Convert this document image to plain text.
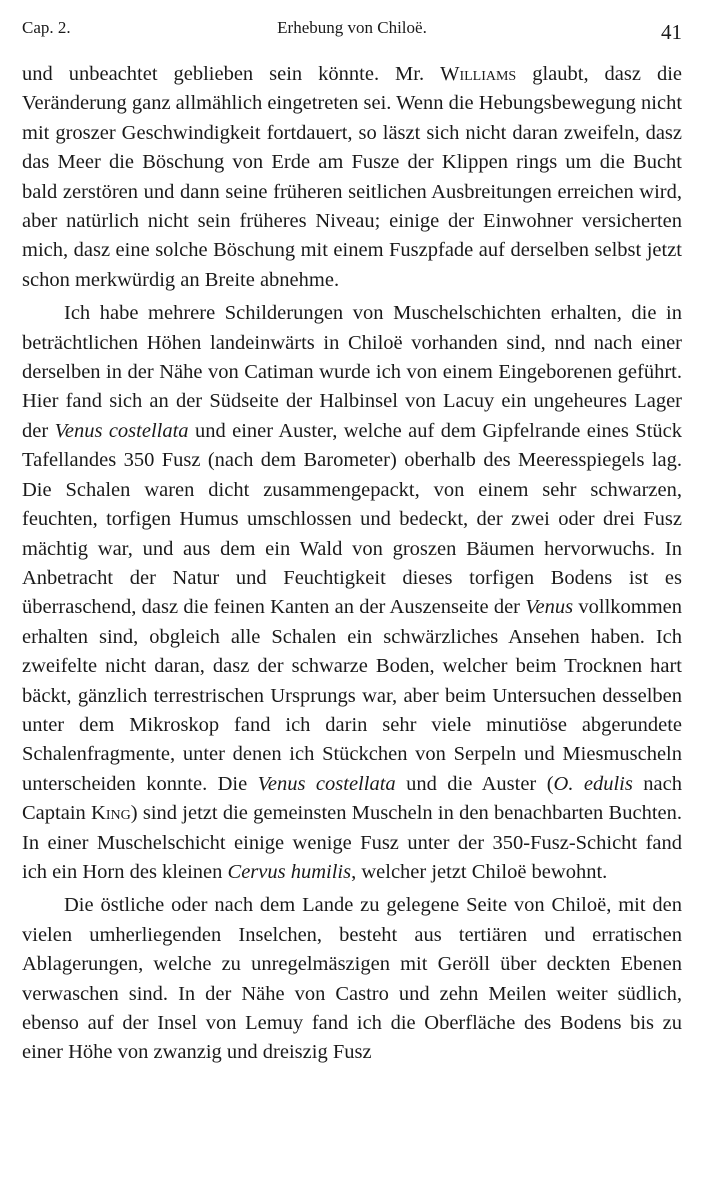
Cap. 2.	Erhebung von Chiloë.	41

und unbeachtet geblieben sein könnte. Mr. Williams glaubt, dasz die Veränderung ganz allmählich eingetreten sei. Wenn die Hebungsbewegung nicht mit groszer Geschwindigkeit fortdauert, so läszt sich nicht daran zweifeln, dasz das Meer die Böschung von Erde am Fusze der Klippen rings um die Bucht bald zerstören und dann seine früheren seitlichen Ausbreitungen erreichen wird, aber natürlich nicht sein früheres Niveau; einige der Einwohner versicherten mich, dasz eine solche Böschung mit einem Fuszpfade auf derselben selbst jetzt schon merkwürdig an Breite abnehme.

Ich habe mehrere Schilderungen von Muschelschichten erhalten, die in beträchtlichen Höhen landeinwärts in Chiloë vorhanden sind, nnd nach einer derselben in der Nähe von Catiman wurde ich von einem Eingeborenen geführt. Hier fand sich an der Südseite der Halbinsel von Lacuy ein ungeheures Lager der Venus costellata und einer Auster, welche auf dem Gipfelrande eines Stück Tafellandes 350 Fusz (nach dem Barometer) oberhalb des Meeresspiegels lag. Die Schalen waren dicht zusammengepackt, von einem sehr schwarzen, feuchten, torfigen Humus umschlossen und bedeckt, der zwei oder drei Fusz mächtig war, und aus dem ein Wald von groszen Bäumen hervorwuchs. In Anbetracht der Natur und Feuchtigkeit dieses torfigen Bodens ist es überraschend, dasz die feinen Kanten an der Auszenseite der Venus vollkommen erhalten sind, obgleich alle Schalen ein schwärzliches Ansehen haben. Ich zweifelte nicht daran, dasz der schwarze Boden, welcher beim Trocknen hart bäckt, gänzlich terrestrischen Ursprungs war, aber beim Untersuchen desselben unter dem Mikroskop fand ich darin sehr viele minutiöse abgerundete Schalenfragmente, unter denen ich Stückchen von Serpeln und Miesmuscheln unterscheiden konnte. Die Venus costellata und die Auster (O. edulis nach Captain King) sind jetzt die gemeinsten Muscheln in den benachbarten Buchten. In einer Muschelschicht einige wenige Fusz unter der 350-Fusz-Schicht fand ich ein Horn des kleinen Cervus humilis, welcher jetzt Chiloë bewohnt.

Die östliche oder nach dem Lande zu gelegene Seite von Chiloë, mit den vielen umherliegenden Inselchen, besteht aus tertiären und erratischen Ablagerungen, welche zu unregelmäszigen mit Geröll über deckten Ebenen verwaschen sind. In der Nähe von Castro und zehn Meilen weiter südlich, ebenso auf der Insel von Lemuy fand ich die Oberfläche des Bodens bis zu einer Höhe von zwanzig und dreiszig Fusz
